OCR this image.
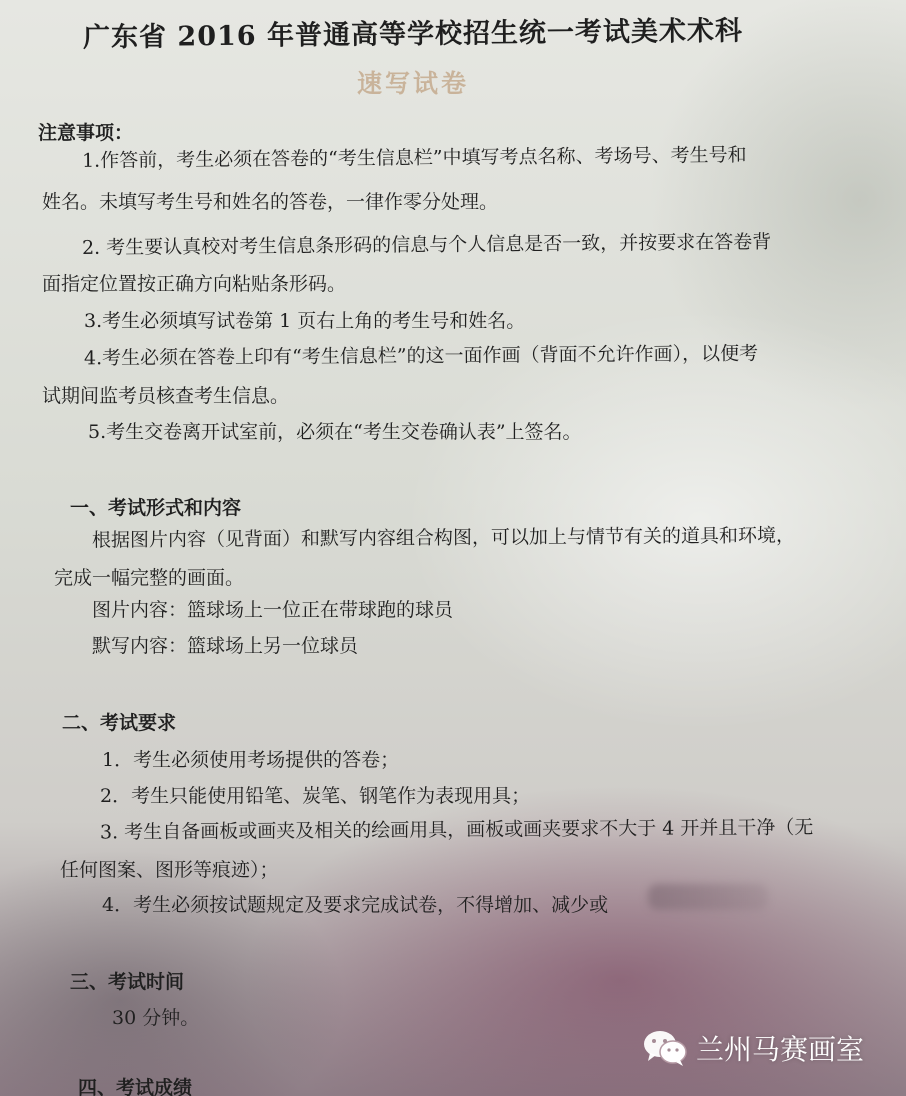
广东省 2016 年普通高等学校招生统一考试美术术科
速写试卷
注意事项：
1.作答前，考生必须在答卷的“考生信息栏”中填写考点名称、考场号、考生号和
姓名。未填写考生号和姓名的答卷，一律作零分处理。
2. 考生要认真校对考生信息条形码的信息与个人信息是否一致，并按要求在答卷背
面指定位置按正确方向粘贴条形码。
3.考生必须填写试卷第 1 页右上角的考生号和姓名。
4.考生必须在答卷上印有“考生信息栏”的这一面作画（背面不允许作画），以便考
试期间监考员核查考生信息。
5.考生交卷离开试室前，必须在“考生交卷确认表”上签名。
一、考试形式和内容
根据图片内容（见背面）和默写内容组合构图，可以加上与情节有关的道具和环境，
完成一幅完整的画面。
图片内容：篮球场上一位正在带球跑的球员
默写内容：篮球场上另一位球员
二、考试要求
1．考生必须使用考场提供的答卷；
2．考生只能使用铅笔、炭笔、钢笔作为表现用具；
3. 考生自备画板或画夹及相关的绘画用具，画板或画夹要求不大于 4 开并且干净（无
任何图案、图形等痕迹）；
4．考生必须按试题规定及要求完成试卷，不得增加、减少或
三、考试时间
30 分钟。
四、考试成绩
兰州马赛画室
